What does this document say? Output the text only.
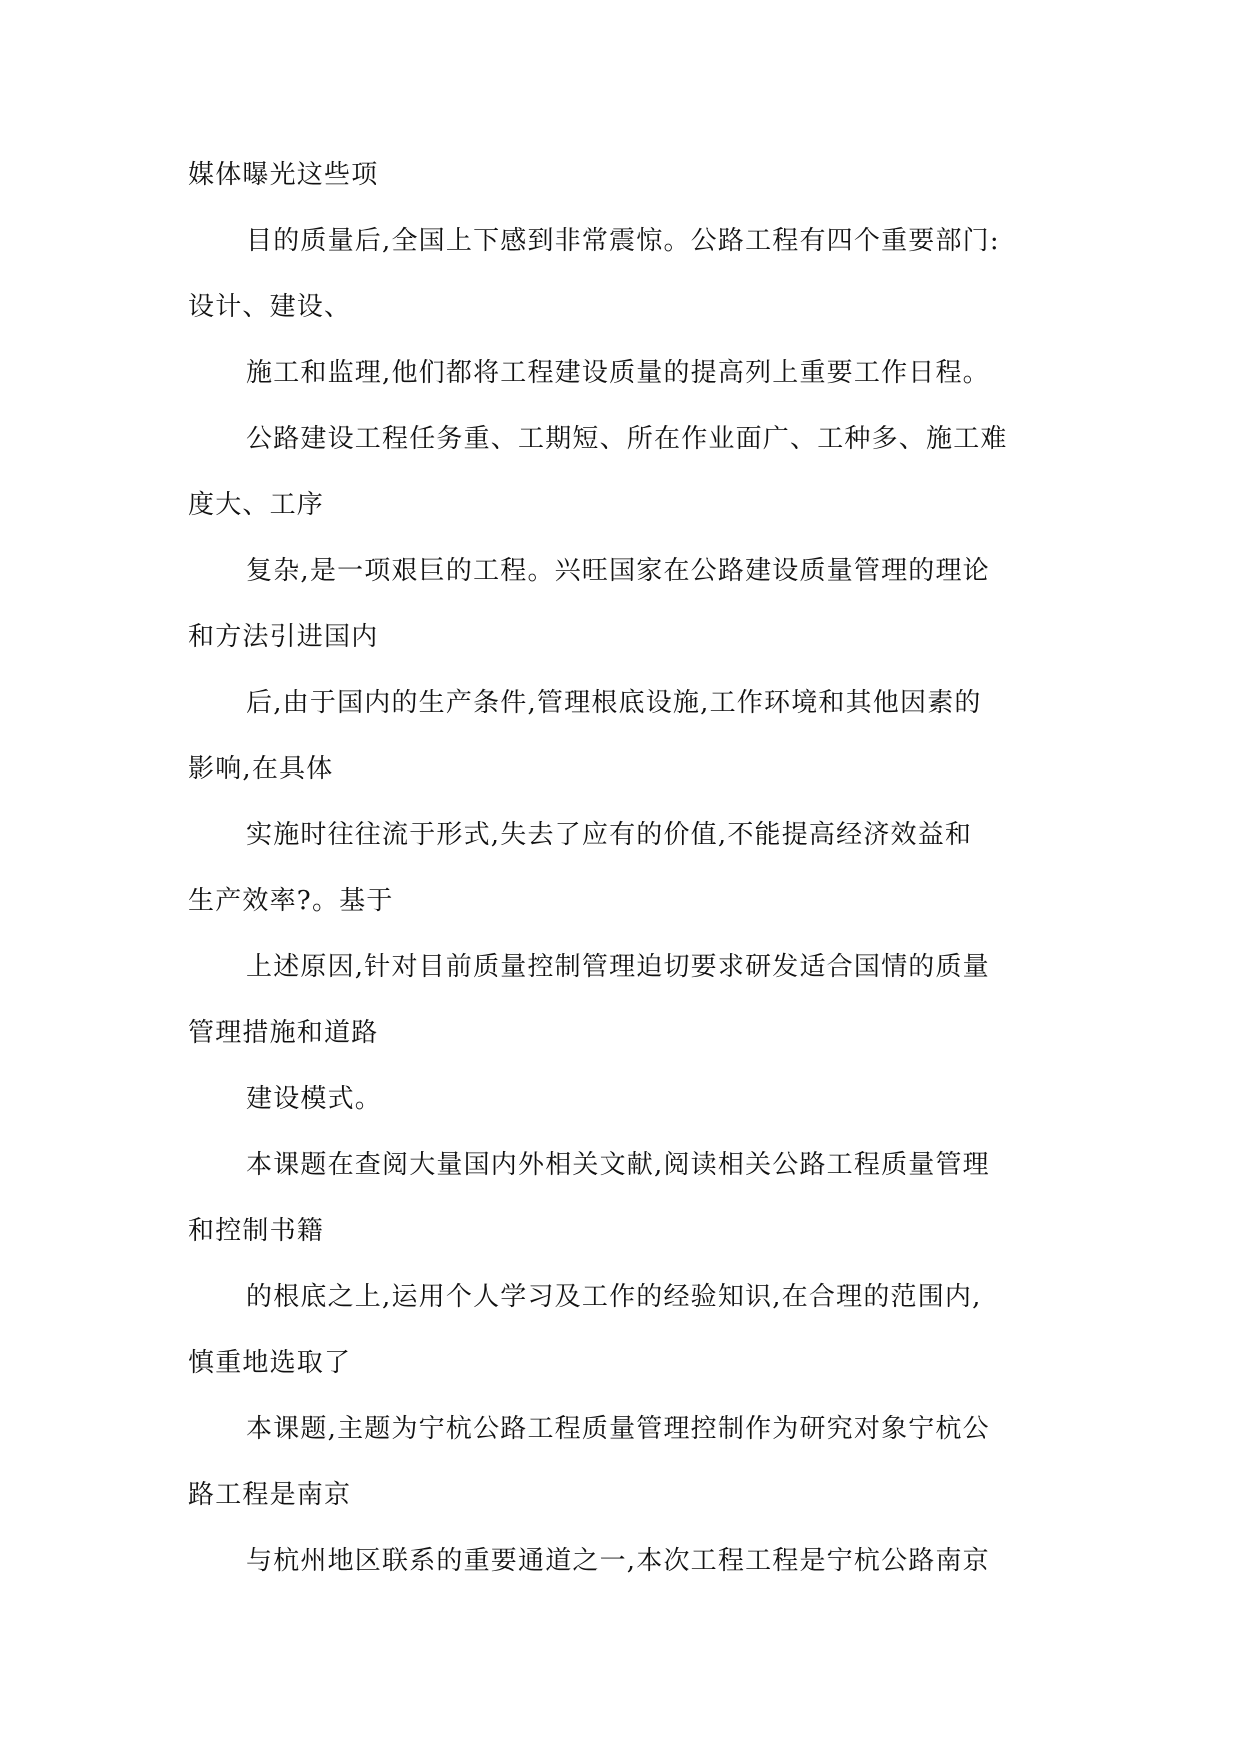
媒体曝光这些项
目的质量后,全国上下感到非常震惊。公路工程有四个重要部门:
设计、建设、
施工和监理,他们都将工程建设质量的提高列上重要工作日程。
公路建设工程任务重、工期短、所在作业面广、工种多、施工难
度大、工序
复杂,是一项艰巨的工程。兴旺国家在公路建设质量管理的理论
和方法引进国内
后,由于国内的生产条件,管理根底设施,工作环境和其他因素的
影响,在具体
实施时往往流于形式,失去了应有的价值,不能提高经济效益和
生产效率?。基于
上述原因,针对目前质量控制管理迫切要求研发适合国情的质量
管理措施和道路
建设模式。
本课题在查阅大量国内外相关文献,阅读相关公路工程质量管理
和控制书籍
的根底之上,运用个人学习及工作的经验知识,在合理的范围内,
慎重地选取了
本课题,主题为宁杭公路工程质量管理控制作为研究对象宁杭公
路工程是南京
与杭州地区联系的重要通道之一,本次工程工程是宁杭公路南京
